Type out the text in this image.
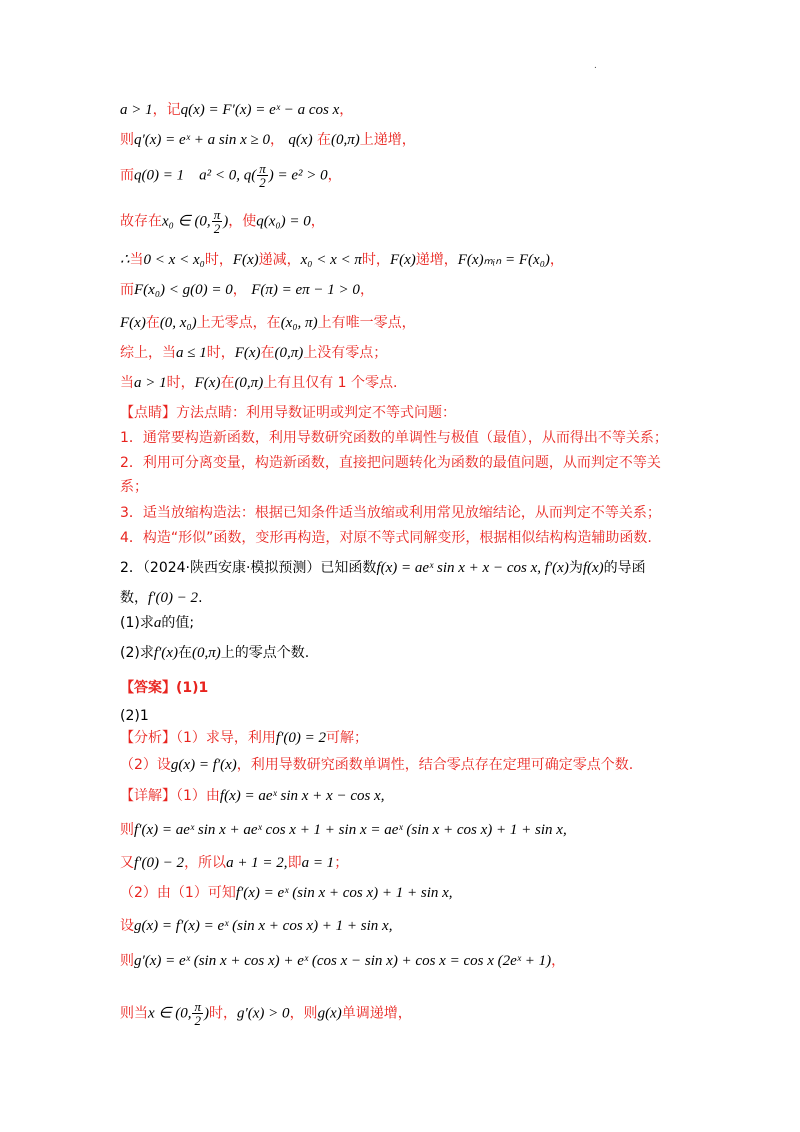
.
a > 1，记q(x) = F′(x) = eˣ − a cos x，
则q′(x) = eˣ + a sin x ≥ 0， q(x) 在(0,π)上递增，
而q(0) = 1　a² < 0, $q( \frac{\pi}{2}$ ) = e² > 0，
故存在x₀ ∈ (0, $\frac{\pi}{2}$ )，使q(x₀) = 0，
∴当0 < x < x₀时，F(x)递减，x₀ < x < π时，F(x)递增，F(x)ₘᵢₙ = F(x₀)，
而F(x₀) < g(0) = 0， F(π) = eπ − 1 > 0，
F(x)在(0, x₀)上无零点，在(x₀, π)上有唯一零点，
综上，当a ≤ 1时，F(x)在(0,π)上没有零点；
当a > 1时，F(x)在(0,π)上有且仅有 1 个零点.
【点睛】方法点睛：利用导数证明或判定不等式问题：
1．通常要构造新函数，利用导数研究函数的单调性与极值（最值），从而得出不等关系；
2．利用可分离变量，构造新函数，直接把问题转化为函数的最值问题，从而判定不等关
系；
3．适当放缩构造法：根据已知条件适当放缩或利用常见放缩结论，从而判定不等关系；
4．构造“形似”函数，变形再构造，对原不等式同解变形，根据相似结构构造辅助函数.
2．（2024·陕西安康·模拟预测）已知函数f(x) = aeˣ sin x + x − cos x, f′(x)为f(x)的导函
数，f′(0) − 2.
(1)求a的值;
(2)求f′(x)在(0,π)上的零点个数.
【答案】(1)1
(2)1
【分析】（1）求导，利用f′(0) = 2可解；
（2）设g(x) = f′(x)，利用导数研究函数单调性，结合零点存在定理可确定零点个数.
【详解】（1）由f(x) = aeˣ sin x + x − cos x,
则f′(x) = aeˣ sin x + aeˣ cos x + 1 + sin x = aeˣ (sin x + cos x) + 1 + sin x,
又f′(0) − 2，所以a + 1 = 2,即a = 1；
（2）由（1）可知f′(x) = eˣ (sin x + cos x) + 1 + sin x,
设g(x) = f′(x) = eˣ (sin x + cos x) + 1 + sin x,
则g′(x) = eˣ (sin x + cos x) + eˣ (cos x − sin x) + cos x = cos x (2eˣ + 1)，
则当x ∈ (0, $\frac{\pi}{2}$ )时，g′(x) > 0，则g(x)单调递增，
